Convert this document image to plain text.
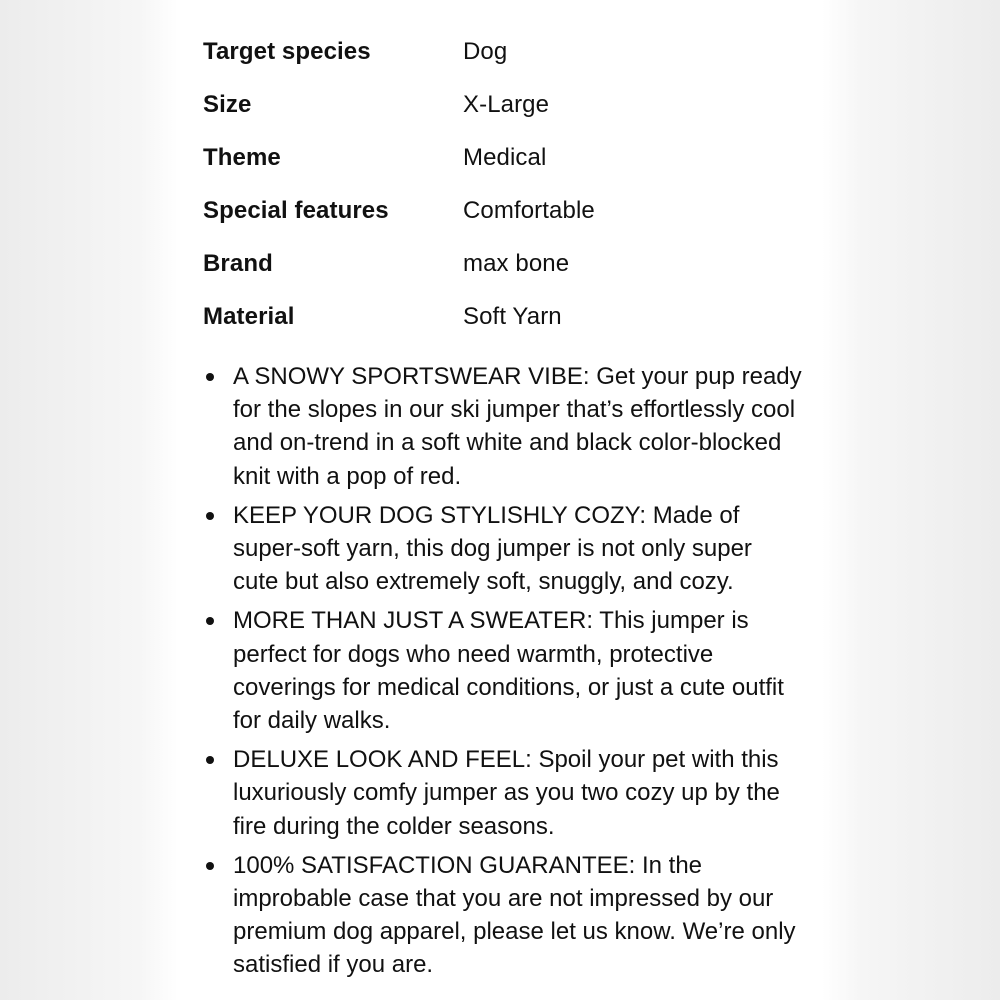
Target species	Dog
Size	X-Large
Theme	Medical
Special features	Comfortable
Brand	max bone
Material	Soft Yarn
A SNOWY SPORTSWEAR VIBE: Get your pup ready for the slopes in our ski jumper that’s effortlessly cool and on-trend in a soft white and black color-blocked knit with a pop of red.
KEEP YOUR DOG STYLISHLY COZY: Made of super-soft yarn, this dog jumper is not only super cute but also extremely soft, snuggly, and cozy.
MORE THAN JUST A SWEATER: This jumper is perfect for dogs who need warmth, protective coverings for medical conditions, or just a cute outfit for daily walks.
DELUXE LOOK AND FEEL: Spoil your pet with this luxuriously comfy jumper as you two cozy up by the fire during the colder seasons.
100% SATISFACTION GUARANTEE: In the improbable case that you are not impressed by our premium dog apparel, please let us know. We’re only satisfied if you are.
